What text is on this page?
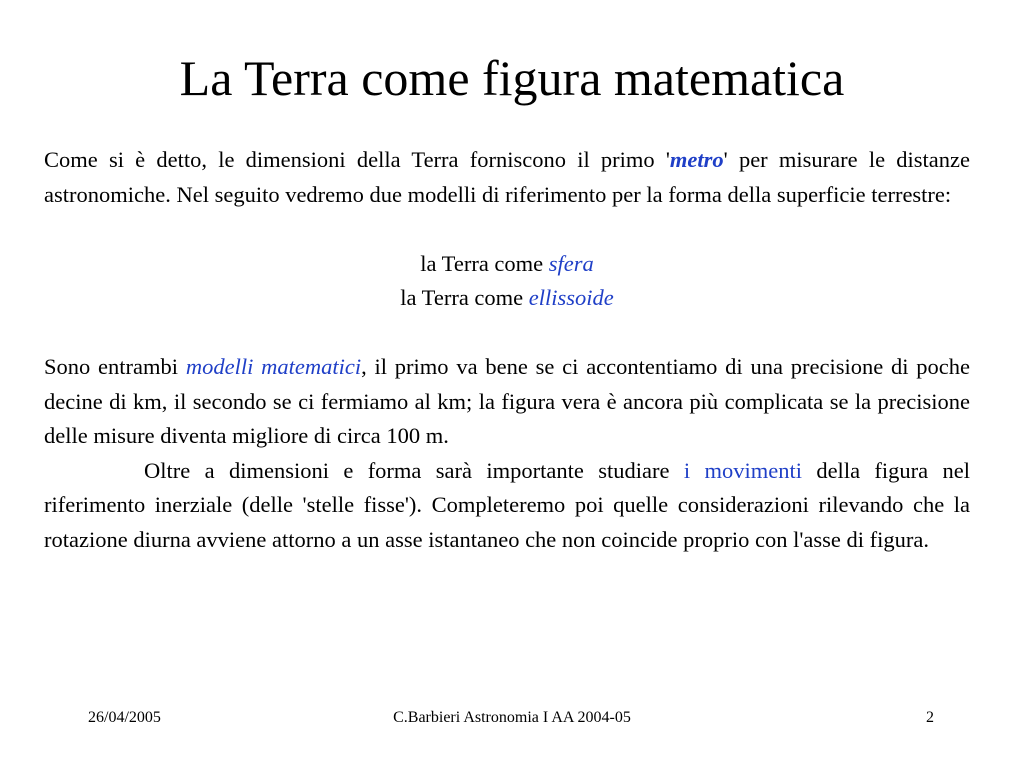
La Terra come figura matematica

Come si è detto, le dimensioni della Terra forniscono il primo 'metro' per misurare le distanze astronomiche. Nel seguito vedremo due modelli di riferimento per la forma della superficie terrestre:

la Terra come sfera

la Terra come ellissoide

Sono entrambi modelli matematici, il primo va bene se ci accontentiamo di una precisione di poche decine di km, il secondo se ci fermiamo al km; la figura vera è ancora più complicata se la precisione delle misure diventa migliore di circa 100 m.

Oltre a dimensioni e forma sarà importante studiare i movimenti della figura nel riferimento inerziale (delle 'stelle fisse'). Completeremo poi quelle considerazioni rilevando che la rotazione diurna avviene attorno a un asse istantaneo che non coincide proprio con l'asse di figura.

26/04/2005	C.Barbieri Astronomia I AA 2004-05	2
